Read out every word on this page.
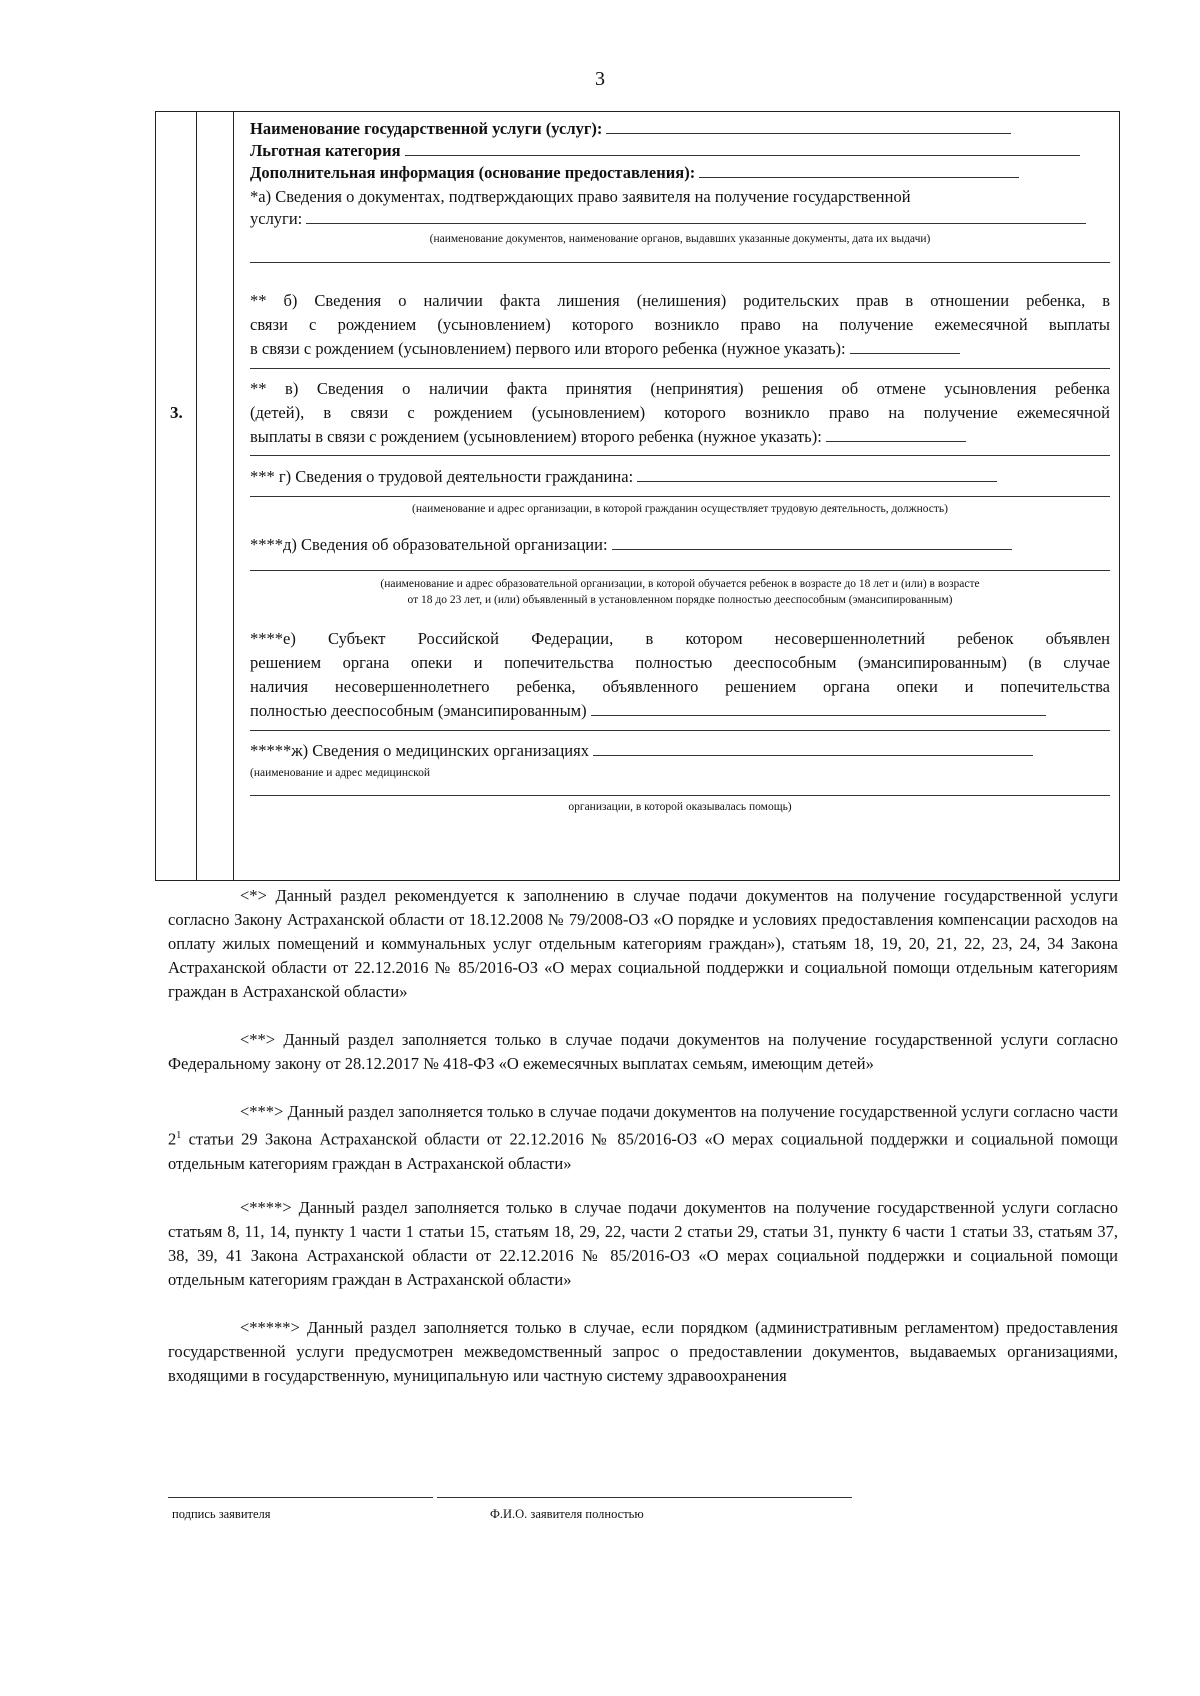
3
3.
Наименование государственной услуги (услуг):
Льготная категория
Дополнительная информация (основание предоставления):
*а) Сведения о документах, подтверждающих право заявителя на получение государственной
услуги:
(наименование документов, наименование органов, выдавших указанные документы, дата их выдачи)
** б) Сведения о наличии факта лишения (нелишения) родительских прав в отношении ребенка, в
связи с рождением (усыновлением) которого возникло право на получение ежемесячной выплаты
в связи с рождением (усыновлением) первого или второго ребенка (нужное указать):
** в) Сведения о наличии факта принятия (непринятия) решения об отмене усыновления ребенка
(детей), в связи с рождением (усыновлением) которого возникло право на получение ежемесячной
выплаты в связи с рождением (усыновлением) второго ребенка (нужное указать):
*** г) Сведения о трудовой деятельности гражданина:
(наименование и адрес организации, в которой гражданин осуществляет трудовую деятельность, должность)
****д) Сведения об образовательной организации:
(наименование и адрес образовательной организации, в которой обучается ребенок в возрасте до 18 лет и (или) в возрасте
от 18 до 23 лет, и (или) объявленный в установленном порядке полностью дееспособным (эмансипированным)
****е) Субъект Российской Федерации, в котором несовершеннолетний ребенок объявлен
решением органа опеки и попечительства полностью дееспособным (эмансипированным) (в случае
наличия несовершеннолетнего ребенка, объявленного решением органа опеки и попечительства
полностью дееспособным (эмансипированным)
*****ж) Сведения о медицинских организациях
(наименование и адрес медицинской
организации, в которой оказывалась помощь)
<*> Данный раздел рекомендуется к заполнению в случае подачи документов на получение государственной услуги согласно Закону Астраханской области от 18.12.2008 № 79/2008-ОЗ «О порядке и условиях предоставления компенсации расходов на оплату жилых помещений и коммунальных услуг отдельным категориям граждан»), статьям 18, 19, 20, 21, 22, 23, 24, 34 Закона Астраханской области от 22.12.2016 № 85/2016-ОЗ «О мерах социальной поддержки и социальной помощи отдельным категориям граждан в Астраханской области»
<**> Данный раздел заполняется только в случае подачи документов на получение государственной услуги согласно Федеральному закону от 28.12.2017 № 418-ФЗ «О ежемесячных выплатах семьям, имеющим детей»
<***> Данный раздел заполняется только в случае подачи документов на получение государственной услуги согласно части $2^1$ статьи 29 Закона Астраханской области от 22.12.2016 № 85/2016-ОЗ «О мерах социальной поддержки и социальной помощи отдельным категориям граждан в Астраханской области»
<****> Данный раздел заполняется только в случае подачи документов на получение государственной услуги согласно статьям 8, 11, 14, пункту 1 части 1 статьи 15, статьям 18, 29, 22, части 2 статьи 29, статьи 31, пункту 6 части 1 статьи 33, статьям 37, 38, 39, 41 Закона Астраханской области от 22.12.2016 № 85/2016-ОЗ «О мерах социальной поддержки и социальной помощи отдельным категориям граждан в Астраханской области»
<*****> Данный раздел заполняется только в случае, если порядком (административным регламентом) предоставления государственной услуги предусмотрен межведомственный запрос о предоставлении документов, выдаваемых организациями, входящими в государственную, муниципальную или частную систему здравоохранения
подпись заявителя	Ф.И.О. заявителя полностью
